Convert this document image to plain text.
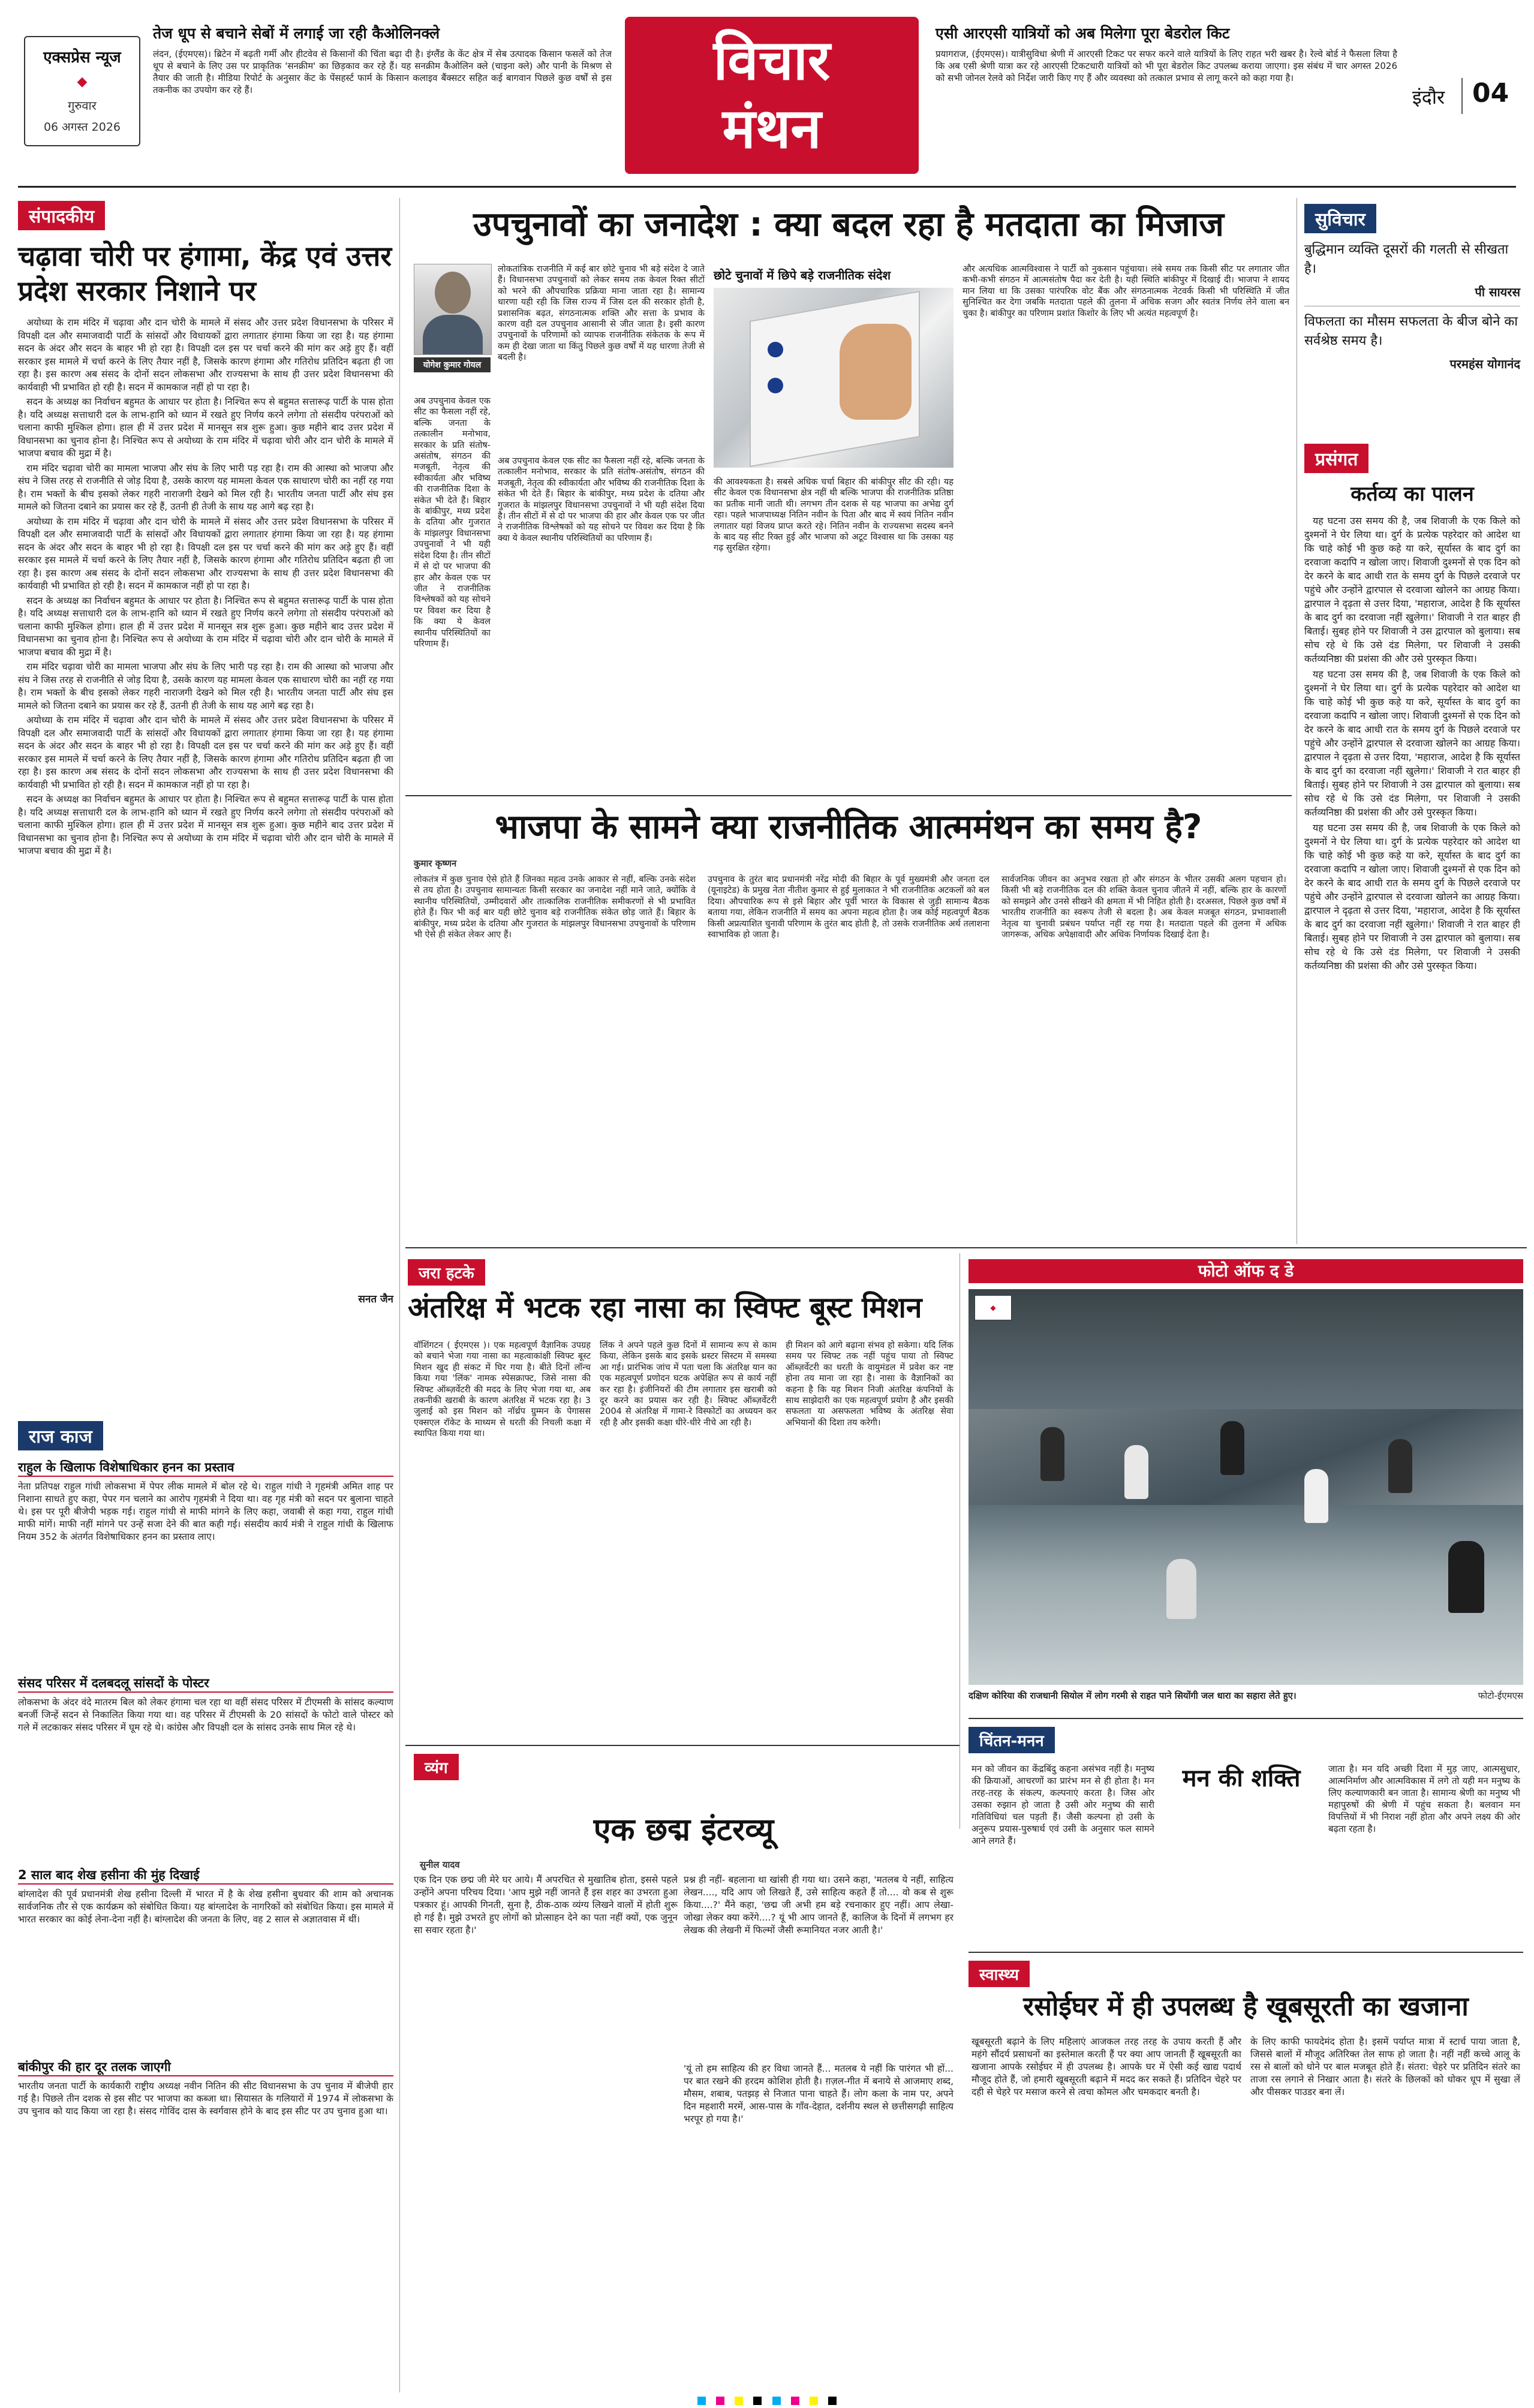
एक्सप्रेस न्यूज
◆
गुरुवार
06 अगस्त 2026
तेज धूप से बचाने सेबों में लगाई जा रही कैओलिनक्ले
लंदन, (ईएमएस)। ब्रिटेन में बढ़ती गर्मी और हीटवेव से किसानों की चिंता बढ़ा दी है। इंग्लैंड के केंट क्षेत्र में सेब उत्पादक किसान फसलें को तेज धूप से बचाने के लिए उस पर प्राकृतिक 'सनक्रीम' का छिड़काव कर रहे हैं। यह सनक्रीम कैओलिन क्ले (चाइना क्ले) और पानी के मिश्रण से तैयार की जाती है। मीडिया रिपोर्ट के अनुसार केंट के पेंसहर्स्ट फार्म के किसान कलाइव बैंक्सटर सहित कई बागवान पिछले कुछ वर्षों से इस तकनीक का उपयोग कर रहे हैं।	विचार
मंथन
एसी आरएसी यात्रियों को अब मिलेगा पूरा बेडरोल किट
प्रयागराज, (ईएमएस)। यात्रीसुविधा श्रेणी में आरएसी टिकट पर सफर करने वाले यात्रियों के लिए राहत भरी खबर है। रेल्वे बोर्ड ने फैसला लिया है कि अब एसी श्रेणी यात्रा कर रहे आरएसी टिकटधारी यात्रियों को भी पूरा बेडरोल किट उपलब्ध कराया जाएगा। इस संबंध में चार अगस्त 2026 को सभी जोनल रेलवे को निर्देश जारी किए गए हैं और व्यवस्था को तत्काल प्रभाव से लागू करने को कहा गया है।
इंदौर	04
संपादकीय
चढ़ावा चोरी पर हंगामा, केंद्र एवं उत्तर प्रदेश सरकार निशाने पर

अयोध्या के राम मंदिर में चढ़ावा और दान चोरी के मामले में संसद और उत्तर प्रदेश विधानसभा के परिसर में विपक्षी दल और समाजवादी पार्टी के सांसदों और विधायकों द्वारा लगातार हंगामा किया जा रहा है। यह हंगामा सदन के अंदर और सदन के बाहर भी हो रहा है। विपक्षी दल इस पर चर्चा करने की मांग कर अड़े हुए हैं। वहीं सरकार इस मामले में चर्चा करने के लिए तैयार नहीं है, जिसके कारण हंगामा और गतिरोध प्रतिदिन बढ़ता ही जा रहा है। इस कारण अब संसद के दोनों सदन लोकसभा और राज्यसभा के साथ ही उत्तर प्रदेश विधानसभा की कार्यवाही भी प्रभावित हो रही है। सदन में कामकाज नहीं हो पा रहा है।

सदन के अध्यक्ष का निर्वाचन बहुमत के आधार पर होता है। निश्चित रूप से बहुमत सत्तारूढ़ पार्टी के पास होता है। यदि अध्यक्ष सत्ताधारी दल के लाभ-हानि को ध्यान में रखते हुए निर्णय करने लगेगा तो संसदीय परंपराओं को चलाना काफी मुश्किल होगा। हाल ही में उत्तर प्रदेश में मानसून सत्र शुरू हुआ। कुछ महीने बाद उत्तर प्रदेश में विधानसभा का चुनाव होना है। निश्चित रूप से अयोध्या के राम मंदिर में चढ़ावा चोरी और दान चोरी के मामले में भाजपा बचाव की मुद्रा में है।

राम मंदिर चढ़ावा चोरी का मामला भाजपा और संघ के लिए भारी पड़ रहा है। राम की आस्था को भाजपा और संघ ने जिस तरह से राजनीति से जोड़ दिया है, उसके कारण यह मामला केवल एक साधारण चोरी का नहीं रह गया है। राम भक्तों के बीच इसको लेकर गहरी नाराजगी देखने को मिल रही है। भारतीय जनता पार्टी और संघ इस मामले को जितना दबाने का प्रयास कर रहे हैं, उतनी ही तेजी के साथ यह आगे बढ़ रहा है।

अयोध्या के राम मंदिर में चढ़ावा और दान चोरी के मामले में संसद और उत्तर प्रदेश विधानसभा के परिसर में विपक्षी दल और समाजवादी पार्टी के सांसदों और विधायकों द्वारा लगातार हंगामा किया जा रहा है। यह हंगामा सदन के अंदर और सदन के बाहर भी हो रहा है। विपक्षी दल इस पर चर्चा करने की मांग कर अड़े हुए हैं। वहीं सरकार इस मामले में चर्चा करने के लिए तैयार नहीं है, जिसके कारण हंगामा और गतिरोध प्रतिदिन बढ़ता ही जा रहा है। इस कारण अब संसद के दोनों सदन लोकसभा और राज्यसभा के साथ ही उत्तर प्रदेश विधानसभा की कार्यवाही भी प्रभावित हो रही है। सदन में कामकाज नहीं हो पा रहा है।

सदन के अध्यक्ष का निर्वाचन बहुमत के आधार पर होता है। निश्चित रूप से बहुमत सत्तारूढ़ पार्टी के पास होता है। यदि अध्यक्ष सत्ताधारी दल के लाभ-हानि को ध्यान में रखते हुए निर्णय करने लगेगा तो संसदीय परंपराओं को चलाना काफी मुश्किल होगा। हाल ही में उत्तर प्रदेश में मानसून सत्र शुरू हुआ। कुछ महीने बाद उत्तर प्रदेश में विधानसभा का चुनाव होना है। निश्चित रूप से अयोध्या के राम मंदिर में चढ़ावा चोरी और दान चोरी के मामले में भाजपा बचाव की मुद्रा में है।

राम मंदिर चढ़ावा चोरी का मामला भाजपा और संघ के लिए भारी पड़ रहा है। राम की आस्था को भाजपा और संघ ने जिस तरह से राजनीति से जोड़ दिया है, उसके कारण यह मामला केवल एक साधारण चोरी का नहीं रह गया है। राम भक्तों के बीच इसको लेकर गहरी नाराजगी देखने को मिल रही है। भारतीय जनता पार्टी और संघ इस मामले को जितना दबाने का प्रयास कर रहे हैं, उतनी ही तेजी के साथ यह आगे बढ़ रहा है।

अयोध्या के राम मंदिर में चढ़ावा और दान चोरी के मामले में संसद और उत्तर प्रदेश विधानसभा के परिसर में विपक्षी दल और समाजवादी पार्टी के सांसदों और विधायकों द्वारा लगातार हंगामा किया जा रहा है। यह हंगामा सदन के अंदर और सदन के बाहर भी हो रहा है। विपक्षी दल इस पर चर्चा करने की मांग कर अड़े हुए हैं। वहीं सरकार इस मामले में चर्चा करने के लिए तैयार नहीं है, जिसके कारण हंगामा और गतिरोध प्रतिदिन बढ़ता ही जा रहा है। इस कारण अब संसद के दोनों सदन लोकसभा और राज्यसभा के साथ ही उत्तर प्रदेश विधानसभा की कार्यवाही भी प्रभावित हो रही है। सदन में कामकाज नहीं हो पा रहा है।

सदन के अध्यक्ष का निर्वाचन बहुमत के आधार पर होता है। निश्चित रूप से बहुमत सत्तारूढ़ पार्टी के पास होता है। यदि अध्यक्ष सत्ताधारी दल के लाभ-हानि को ध्यान में रखते हुए निर्णय करने लगेगा तो संसदीय परंपराओं को चलाना काफी मुश्किल होगा। हाल ही में उत्तर प्रदेश में मानसून सत्र शुरू हुआ। कुछ महीने बाद उत्तर प्रदेश में विधानसभा का चुनाव होना है। निश्चित रूप से अयोध्या के राम मंदिर में चढ़ावा चोरी और दान चोरी के मामले में भाजपा बचाव की मुद्रा में है।

सनत जैन
राज काज
राहुल के खिलाफ विशेषाधिकार हनन का प्रस्ताव
नेता प्रतिपक्ष राहुल गांधी लोकसभा में पेपर लीक मामले में बोल रहे थे। राहुल गांधी ने गृहमंत्री अमित शाह पर निशाना साधते हुए कहा, पेपर गन चलाने का आरोप गृहमंत्री ने दिया था। वह गृह मंत्री को सदन पर बुलाना चाहते थे। इस पर पूरी बीजेपी भड़क गई। राहुल गांधी से माफी मांगने के लिए कहा, जवाबी से कहा गया, राहुल गांधी माफी मांगें। माफी नहीं मांगने पर उन्हें सजा देने की बात कही गई। संसदीय कार्य मंत्री ने राहुल गांधी के खिलाफ नियम 352 के अंतर्गत विशेषाधिकार हनन का प्रस्ताव लाए।
संसद परिसर में दलबदलू सांसदों के पोस्टर
लोकसभा के अंदर वंदे मातरम बिल को लेकर हंगामा चल रहा था वहीं संसद परिसर में टीएमसी के सांसद कल्याण बनर्जी जिन्हें सदन से निकालित किया गया था। वह परिसर में टीएमसी के 20 सांसदों के फोटो वाले पोस्टर को गले में लटकाकर संसद परिसर में घूम रहे थे। कांग्रेस और विपक्षी दल के सांसद उनके साथ मिल रहे थे।
2 साल बाद शेख हसीना की मुंह दिखाई
बांग्लादेश की पूर्व प्रधानमंत्री शेख हसीना दिल्ली में भारत में है के शेख हसीना बुधवार की शाम को अचानक सार्वजनिक तौर से एक कार्यक्रम को संबोधित किया। यह बांग्लादेश के नागरिकों को संबोधित किया। इस मामले में भारत सरकार का कोई लेना-देना नहीं है। बांग्लादेश की जनता के लिए, वह 2 साल से अज्ञातवास में थीं।
बांकीपुर की हार दूर तलक जाएगी
भारतीय जनता पार्टी के कार्यकारी राष्ट्रीय अध्यक्ष नवीन नितिन की सीट विधानसभा के उप चुनाव में बीजेपी हार गई है। पिछले तीन दशक से इस सीट पर भाजपा का कब्जा था। सियासत के गलियारों में 1974 में लोकसभा के उप चुनाव को याद किया जा रहा है। संसद गोविंद दास के स्वर्गवास होने के बाद इस सीट पर उप चुनाव हुआ था।
उपचुनावों का जनादेश : क्या बदल रहा है मतदाता का मिजाज
योगेश कुमार गोयल
अब उपचुनाव केवल एक सीट का फैसला नहीं रहे, बल्कि जनता के तत्कालीन मनोभाव, सरकार के प्रति संतोष-असंतोष, संगठन की मजबूती, नेतृत्व की स्वीकार्यता और भविष्य की राजनीतिक दिशा के संकेत भी देते हैं। बिहार के बांकीपुर, मध्य प्रदेश के दतिया और गुजरात के मांझलपुर विधानसभा उपचुनावों ने भी यही संदेश दिया है। तीन सीटों में से दो पर भाजपा की हार और केवल एक पर जीत ने राजनीतिक विश्लेषकों को यह सोचने पर विवश कर दिया है कि क्या ये केवल स्थानीय परिस्थितियों का परिणाम हैं।
लोकतांत्रिक राजनीति में कई बार छोटे चुनाव भी बड़े संदेश दे जाते हैं। विधानसभा उपचुनावों को लेकर समय तक केवल रिक्त सीटों को भरने की औपचारिक प्रक्रिया माना जाता रहा है। सामान्य धारणा यही रही कि जिस राज्य में जिस दल की सरकार होती है, प्रशासनिक बढ़त, संगठनात्मक शक्ति और सत्ता के प्रभाव के कारण वही दल उपचुनाव आसानी से जीत जाता है। इसी कारण उपचुनावों के परिणामों को व्यापक राजनीतिक संकेतक के रूप में कम ही देखा जाता था किंतु पिछले कुछ वर्षों में यह धारणा तेजी से बदली है।
अब उपचुनाव केवल एक सीट का फैसला नहीं रहे, बल्कि जनता के तत्कालीन मनोभाव, सरकार के प्रति संतोष-असंतोष, संगठन की मजबूती, नेतृत्व की स्वीकार्यता और भविष्य की राजनीतिक दिशा के संकेत भी देते हैं। बिहार के बांकीपुर, मध्य प्रदेश के दतिया और गुजरात के मांझलपुर विधानसभा उपचुनावों ने भी यही संदेश दिया है। तीन सीटों में से दो पर भाजपा की हार और केवल एक पर जीत ने राजनीतिक विश्लेषकों को यह सोचने पर विवश कर दिया है कि क्या ये केवल स्थानीय परिस्थितियों का परिणाम हैं।
छोटे चुनावों में छिपे बड़े राजनीतिक संदेश
की आवश्यकता है। सबसे अधिक चर्चा बिहार की बांकीपुर सीट की रही। यह सीट केवल एक विधानसभा क्षेत्र नहीं थी बल्कि भाजपा की राजनीतिक प्रतिष्ठा का प्रतीक मानी जाती थी। लगभग तीन दशक से यह भाजपा का अभेद्य दुर्ग रहा। पहले भाजपाध्यक्ष नितिन नवीन के पिता और बाद में स्वयं नितिन नवीन लगातार यहां विजय प्राप्त करते रहे। नितिन नवीन के राज्यसभा सदस्य बनने के बाद यह सीट रिक्त हुई और भाजपा को अटूट विश्वास था कि उसका यह गढ़ सुरक्षित रहेगा।
और अत्यधिक आत्मविश्वास ने पार्टी को नुकसान पहुंचाया। लंबे समय तक किसी सीट पर लगातार जीत कभी-कभी संगठन में आत्मसंतोष पैदा कर देती है। यही स्थिति बांकीपुर में दिखाई दी। भाजपा ने शायद मान लिया था कि उसका पारंपरिक वोट बैंक और संगठनात्मक नेटवर्क किसी भी परिस्थिति में जीत सुनिश्चित कर देगा जबकि मतदाता पहले की तुलना में अधिक सजग और स्वतंत्र निर्णय लेने वाला बन चुका है। बांकीपुर का परिणाम प्रशांत किशोर के लिए भी अत्यंत महत्वपूर्ण है।
भाजपा के सामने क्या राजनीतिक आत्ममंथन का समय है?
कुमार कृष्णन
लोकतंत्र में कुछ चुनाव ऐसे होते हैं जिनका महत्व उनके आकार से नहीं, बल्कि उनके संदेश से तय होता है। उपचुनाव सामान्यतः किसी सरकार का जनादेश नहीं माने जाते, क्योंकि वे स्थानीय परिस्थितियों, उम्मीदवारों और तात्कालिक राजनीतिक समीकरणों से भी प्रभावित होते हैं। फिर भी कई बार यही छोटे चुनाव बड़े राजनीतिक संकेत छोड़ जाते हैं। बिहार के बांकीपुर, मध्य प्रदेश के दतिया और गुजरात के मांझलपुर विधानसभा उपचुनावों के परिणाम भी ऐसे ही संकेत लेकर आए हैं।
उपचुनाव के तुरंत बाद प्रधानमंत्री नरेंद्र मोदी की बिहार के पूर्व मुख्यमंत्री और जनता दल (यूनाइटेड) के प्रमुख नेता नीतीश कुमार से हुई मुलाकात ने भी राजनीतिक अटकलों को बल दिया। औपचारिक रूप से इसे बिहार और पूर्वी भारत के विकास से जुड़ी सामान्य बैठक बताया गया, लेकिन राजनीति में समय का अपना महत्व होता है। जब कोई महत्वपूर्ण बैठक किसी अप्रत्याशित चुनावी परिणाम के तुरंत बाद होती है, तो उसके राजनीतिक अर्थ तलाशना स्वाभाविक हो जाता है।
सार्वजनिक जीवन का अनुभव रखता हो और संगठन के भीतर उसकी अलग पहचान हो। किसी भी बड़े राजनीतिक दल की शक्ति केवल चुनाव जीतने में नहीं, बल्कि हार के कारणों को समझने और उनसे सीखने की क्षमता में भी निहित होती है। दरअसल, पिछले कुछ वर्षों में भारतीय राजनीति का स्वरूप तेजी से बदला है। अब केवल मजबूत संगठन, प्रभावशाली नेतृत्व या चुनावी प्रबंधन पर्याप्त नहीं रह गया है। मतदाता पहले की तुलना में अधिक जागरूक, अधिक अपेक्षावादी और अधिक निर्णायक दिखाई देता है।
सुविचार
बुद्धिमान व्यक्ति दूसरों की गलती से सीखता है।
पी सायरस
विफलता का मौसम सफलता के बीज बोने का सर्वश्रेष्ठ समय है।
परमहंस योगानंद
प्रसंगत
कर्तव्य का पालन

यह घटना उस समय की है, जब शिवाजी के एक किले को दुश्मनों ने घेर लिया था। दुर्ग के प्रत्येक पहरेदार को आदेश था कि चाहे कोई भी कुछ कहे या करे, सूर्यास्त के बाद दुर्ग का दरवाजा कदापि न खोला जाए। शिवाजी दुश्मनों से एक दिन को देर करने के बाद आधी रात के समय दुर्ग के पिछले दरवाजे पर पहुंचे और उन्होंने द्वारपाल से दरवाजा खोलने का आग्रह किया। द्वारपाल ने दृढ़ता से उत्तर दिया, 'महाराज, आदेश है कि सूर्यास्त के बाद दुर्ग का दरवाजा नहीं खुलेगा।' शिवाजी ने रात बाहर ही बिताई। सुबह होने पर शिवाजी ने उस द्वारपाल को बुलाया। सब सोच रहे थे कि उसे दंड मिलेगा, पर शिवाजी ने उसकी कर्तव्यनिष्ठा की प्रशंसा की और उसे पुरस्कृत किया।

यह घटना उस समय की है, जब शिवाजी के एक किले को दुश्मनों ने घेर लिया था। दुर्ग के प्रत्येक पहरेदार को आदेश था कि चाहे कोई भी कुछ कहे या करे, सूर्यास्त के बाद दुर्ग का दरवाजा कदापि न खोला जाए। शिवाजी दुश्मनों से एक दिन को देर करने के बाद आधी रात के समय दुर्ग के पिछले दरवाजे पर पहुंचे और उन्होंने द्वारपाल से दरवाजा खोलने का आग्रह किया। द्वारपाल ने दृढ़ता से उत्तर दिया, 'महाराज, आदेश है कि सूर्यास्त के बाद दुर्ग का दरवाजा नहीं खुलेगा।' शिवाजी ने रात बाहर ही बिताई। सुबह होने पर शिवाजी ने उस द्वारपाल को बुलाया। सब सोच रहे थे कि उसे दंड मिलेगा, पर शिवाजी ने उसकी कर्तव्यनिष्ठा की प्रशंसा की और उसे पुरस्कृत किया।

यह घटना उस समय की है, जब शिवाजी के एक किले को दुश्मनों ने घेर लिया था। दुर्ग के प्रत्येक पहरेदार को आदेश था कि चाहे कोई भी कुछ कहे या करे, सूर्यास्त के बाद दुर्ग का दरवाजा कदापि न खोला जाए। शिवाजी दुश्मनों से एक दिन को देर करने के बाद आधी रात के समय दुर्ग के पिछले दरवाजे पर पहुंचे और उन्होंने द्वारपाल से दरवाजा खोलने का आग्रह किया। द्वारपाल ने दृढ़ता से उत्तर दिया, 'महाराज, आदेश है कि सूर्यास्त के बाद दुर्ग का दरवाजा नहीं खुलेगा।' शिवाजी ने रात बाहर ही बिताई। सुबह होने पर शिवाजी ने उस द्वारपाल को बुलाया। सब सोच रहे थे कि उसे दंड मिलेगा, पर शिवाजी ने उसकी कर्तव्यनिष्ठा की प्रशंसा की और उसे पुरस्कृत किया।

जरा हटके
अंतरिक्ष में भटक रहा नासा का स्विफ्ट बूस्ट मिशन
वॉशिंगटन ( ईएमएस )। एक महत्वपूर्ण वैज्ञानिक उपग्रह को बचाने भेजा गया नासा का महत्वाकांक्षी स्विफ्ट बूस्ट मिशन खुद ही संकट में घिर गया है। बीते दिनों लॉन्च किया गया 'लिंक' नामक स्पेसक्राफ्ट, जिसे नासा की स्विफ्ट ऑब्ज़र्वेटरी की मदद के लिए भेजा गया था, अब तकनीकी खराबी के कारण अंतरिक्ष में भटक रहा है। 3 जुलाई को इस मिशन को नॉर्थ्रप ग्रुम्मन के पेगासस एक्सएल रॉकेट के माध्यम से धरती की निचली कक्षा में स्थापित किया गया था।
लिंक ने अपने पहले कुछ दिनों में सामान्य रूप से काम किया, लेकिन इसके बाद इसके थ्रस्टर सिस्टम में समस्या आ गई। प्रारंभिक जांच में पता चला कि अंतरिक्ष यान का एक महत्वपूर्ण प्रणोदन घटक अपेक्षित रूप से कार्य नहीं कर रहा है। इंजीनियरों की टीम लगातार इस खराबी को दूर करने का प्रयास कर रही है। स्विफ्ट ऑब्ज़र्वेटरी 2004 से अंतरिक्ष में गामा-रे विस्फोटों का अध्ययन कर रही है और इसकी कक्षा धीरे-धीरे नीचे आ रही है।
ही मिशन को आगे बढ़ाना संभव हो सकेगा। यदि लिंक समय पर स्विफ्ट तक नहीं पहुंच पाया तो स्विफ्ट ऑब्ज़र्वेटरी का धरती के वायुमंडल में प्रवेश कर नष्ट होना तय माना जा रहा है। नासा के वैज्ञानिकों का कहना है कि यह मिशन निजी अंतरिक्ष कंपनियों के साथ साझेदारी का एक महत्वपूर्ण प्रयोग है और इसकी सफलता या असफलता भविष्य के अंतरिक्ष सेवा अभियानों की दिशा तय करेगी।
फोटो ऑफ द डे
◆
दक्षिण कोरिया की राजधानी सियोल में लोग गरमी से राहत पाने सियोंगी जल धारा का सहारा लेते हुए।	फोटो-ईएमएस
व्यंग
एक छद्म इंटरव्यू
सुनील यादव
एक दिन एक छद्म जी मेरे घर आये। मैं अपरचित से मुखातिब होता, इससे पहले उन्होंने अपना परिचय दिया। 'आप मुझे नहीं जानते हैं इस शहर का उभरता हुआ पत्रकार हूं। आपकी गिनती, सुना है, ठीक-ठाक व्यंग्य लिखने वालों में होती शुरू हो गई है। मुझे उभरते हुए लोगों को प्रोत्साहन देने का पता नहीं क्यों, एक जुनून सा सवार रहता है।'
प्रश्न ही नहीं- बहलाना था खांसी ही गया था। उसने कहा, 'मतलब ये नहीं, साहित्य लेखन...., यदि आप जो लिखते हैं, उसे साहित्य कहते हैं तो.... वो कब से शुरू किया....?' मैंने कहा, 'छद्म जी अभी हम बड़े रचनाकार हुए नहीं। आप लेखा-जोखा लेकर क्या करेंगे....? यूं भी आप जानते हैं, कालिज के दिनों में लगभग हर लेखक की लेखनी में फिल्मों जैसी रूमानियत नजर आती है।'
'यूं तो हम साहित्य की हर विधा जानते हैं... मतलब ये नहीं कि पारंगत भी हों... पर बात रखने की हरदम कोशिश होती है। ग़ज़ल-गीत में बनाये से आजमाए शब्द, मौसम, शबाब, पतझड़ से निजात पाना चाहते हैं। लोग कला के नाम पर, अपने दिन महशारी मरमें, आस-पास के गाँव-देहात, दर्शनीय स्थल से छत्तीसगढ़ी साहित्य भरपूर हो गया है।'
चिंतन-मनन
मन की शक्ति
मन को जीवन का केंद्रबिंदु कहना असंभव नहीं है। मनुष्य की क्रियाओं, आचरणों का प्रारंभ मन से ही होता है। मन तरह-तरह के संकल्प, कल्पनाएं करता है। जिस ओर उसका रुझान हो जाता है उसी ओर मनुष्य की सारी गतिविधियां चल पड़ती हैं। जैसी कल्पना हो उसी के अनुरूप प्रयास-पुरुषार्थ एवं उसी के अनुसार फल सामने आने लगते हैं।
जाता है। मन यदि अच्छी दिशा में मुड़ जाए, आत्मसुधार, आत्मनिर्माण और आत्मविकास में लगे तो यही मन मनुष्य के लिए कल्याणकारी बन जाता है। सामान्य श्रेणी का मनुष्य भी महापुरुषों की श्रेणी में पहुंच सकता है। बलवान मन विपत्तियों में भी निराश नहीं होता और अपने लक्ष्य की ओर बढ़ता रहता है।
स्वास्थ्य
रसोईघर में ही उपलब्ध है खूबसूरती का खजाना
खूबसूरती बढ़ाने के लिए महिलाएं आजकल तरह तरह के उपाय करती हैं और महंगे सौंदर्य प्रसाधनों का इस्तेमाल करती हैं पर क्या आप जानती हैं खूबसूरती का खजाना आपके रसोईघर में ही उपलब्ध है। आपके घर में ऐसी कई खाद्य पदार्थ मौजूद होते हैं, जो हमारी खूबसूरती बढ़ाने में मदद कर सकते हैं। प्रतिदिन चेहरे पर दही से चेहरे पर मसाज करने से त्वचा कोमल और चमकदार बनती है।
के लिए काफी फायदेमंद होता है। इसमें पर्याप्त मात्रा में स्टार्च पाया जाता है, जिससे बालों में मौजूद अतिरिक्त तेल साफ हो जाता है। नहीं नहीं कच्चे आलू के रस से बालों को धोने पर बाल मजबूत होते हैं। संतरा: चेहरे पर प्रतिदिन संतरे का ताजा रस लगाने से निखार आता है। संतरे के छिलकों को धोकर धूप में सुखा लें और पीसकर पाउडर बना लें।
